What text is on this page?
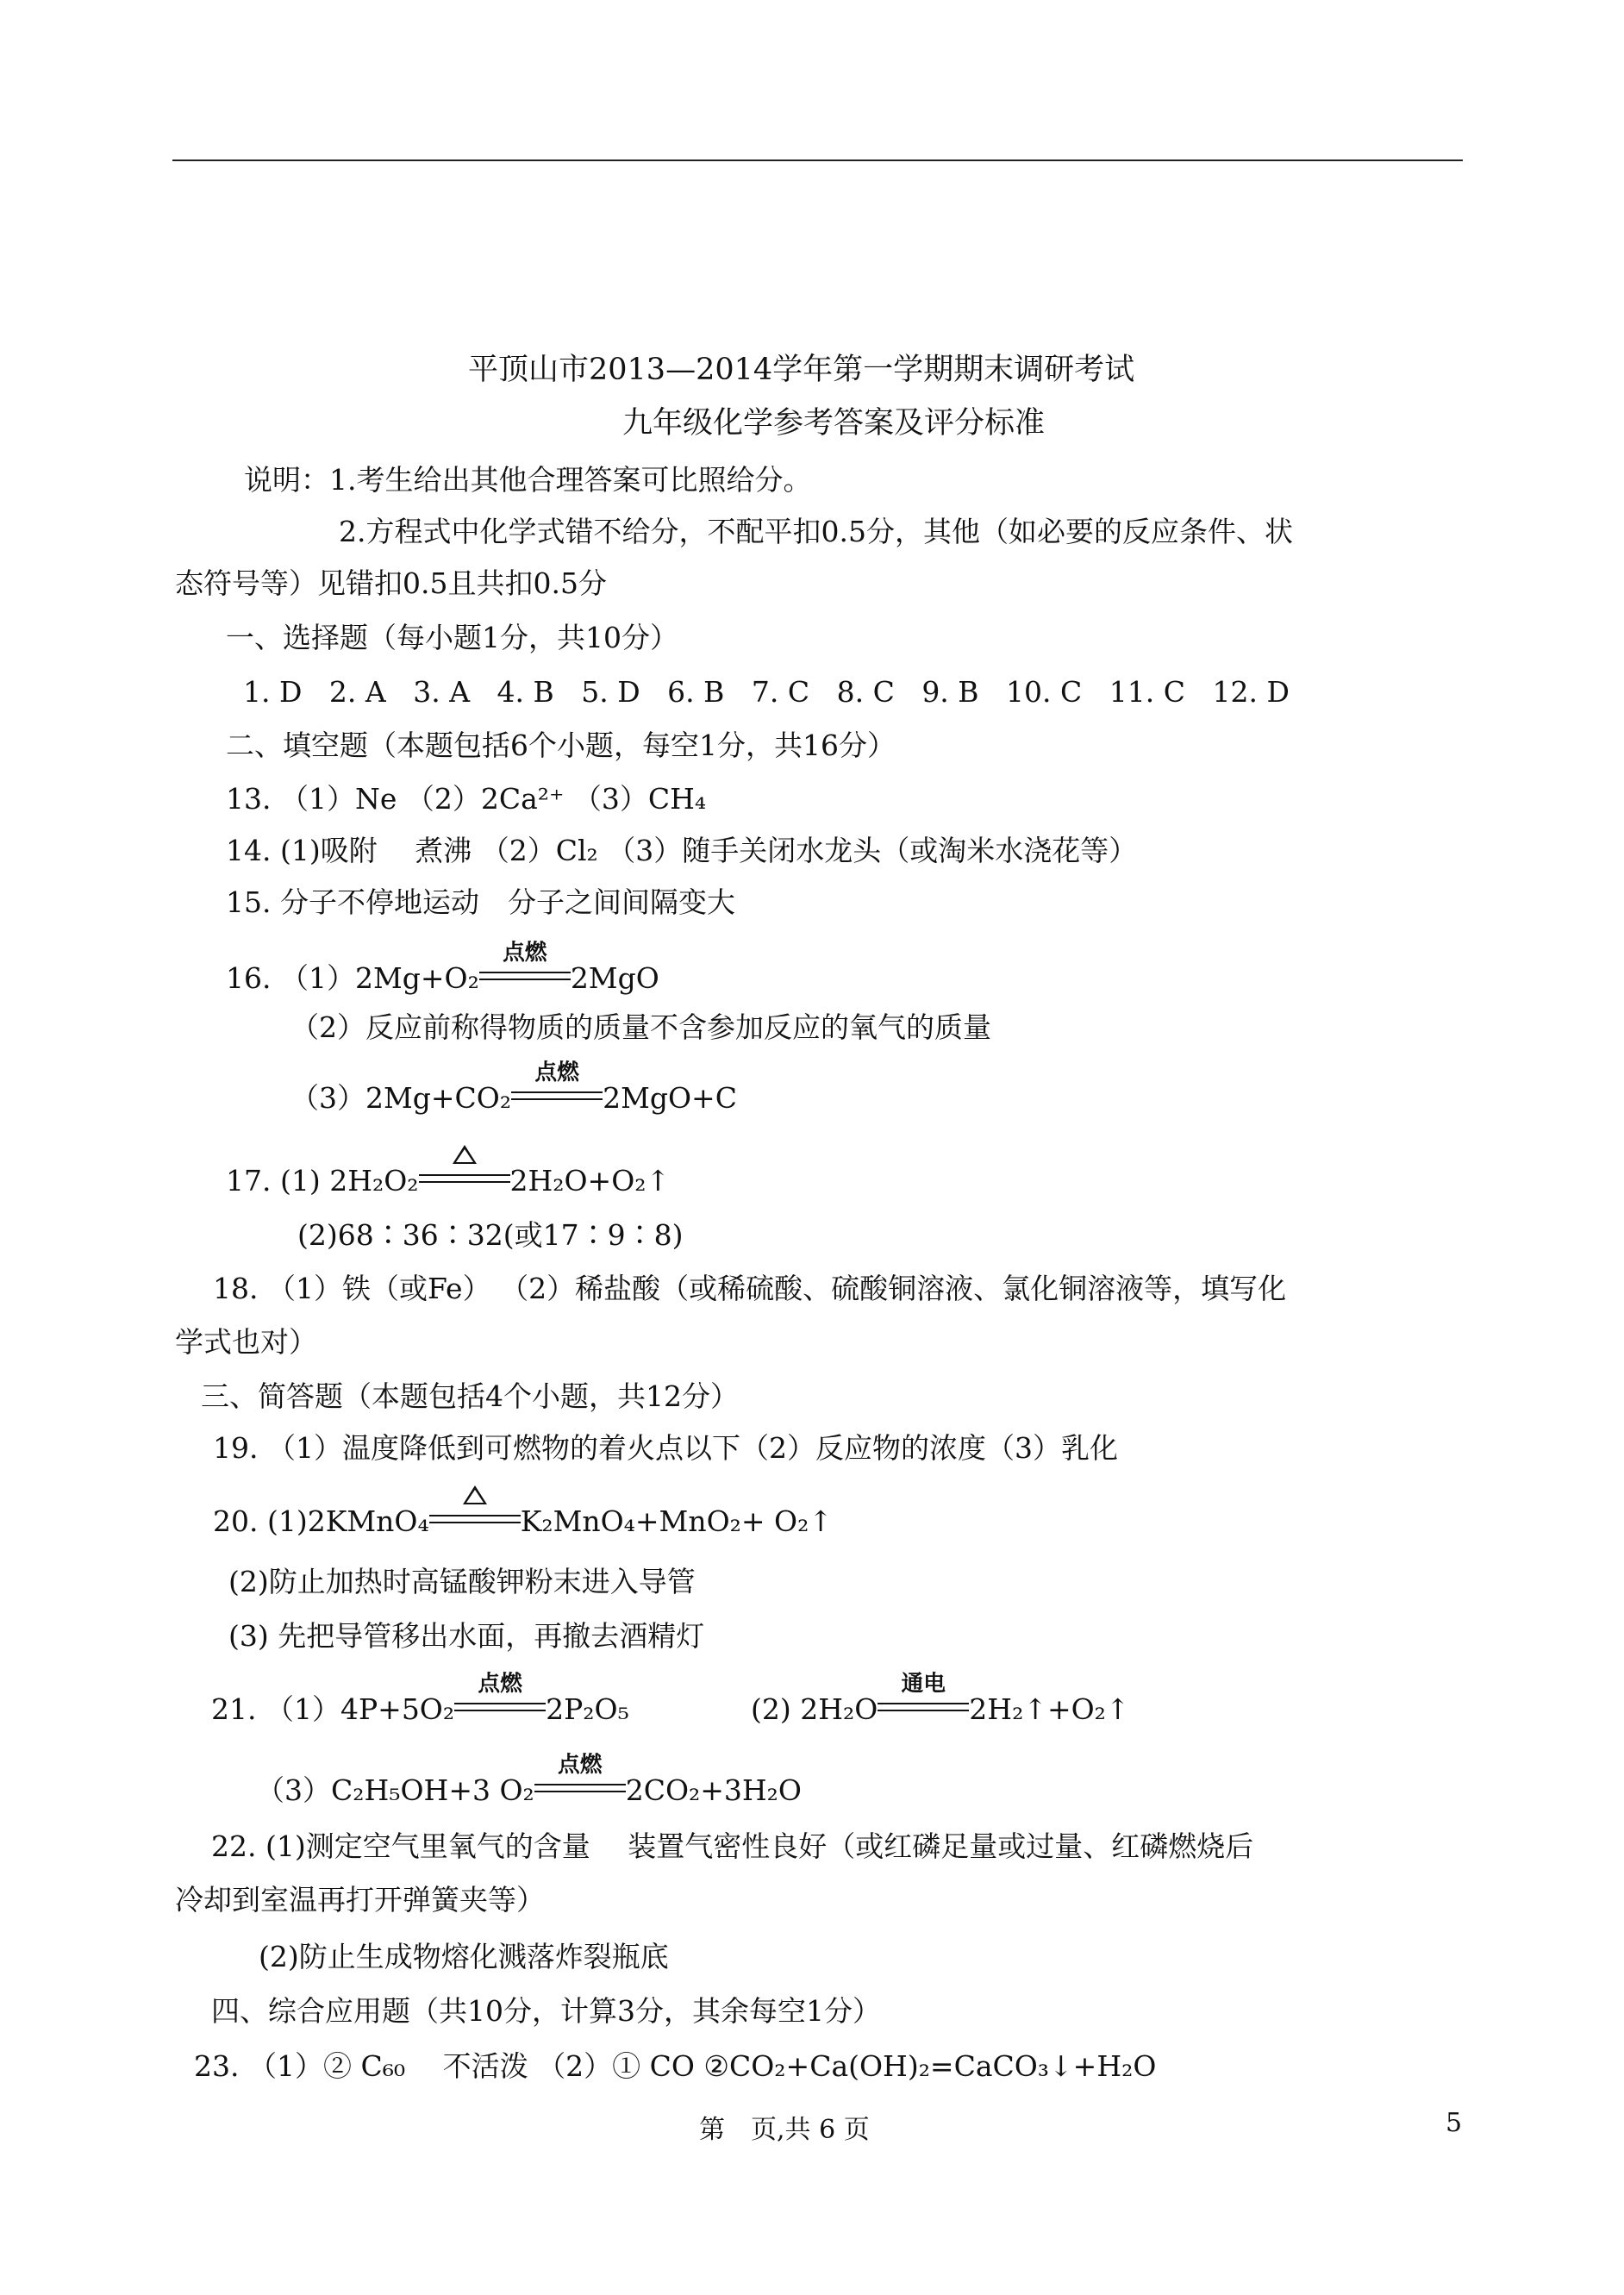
平顶山市2013—2014学年第一学期期末调研考试
九年级化学参考答案及评分标准
说明：1.考生给出其他合理答案可比照给分。
2.方程式中化学式错不给分，不配平扣0.5分，其他（如必要的反应条件、状
态符号等）见错扣0.5且共扣0.5分
一、选择题（每小题1分，共10分）
1. D 2. A 3. A 4. B 5. D 6. B 7. C 8. C 9. B 10. C 11. C 12. D
二、填空题（本题包括6个小题，每空1分，共16分）
13. （1）Ne （2）2Ca²⁺ （3）CH₄
14. (1)吸附 　煮沸 （2）Cl₂ （3）随手关闭水龙头（或淘米水浇花等）
15. 分子不停地运动　分子之间间隔变大
16. （1）2Mg+O₂
点燃
2MgO
（2）反应前称得物质的质量不含参加反应的氧气的质量
（3）2Mg+CO₂
点燃
2MgO+C
17. (1) 2H₂O₂	2H₂O+O₂↑
(2)68∶36∶32(或17∶9∶8)
18. （1）铁（或Fe） （2）稀盐酸（或稀硫酸、硫酸铜溶液、氯化铜溶液等，填写化
学式也对）
三、简答题（本题包括4个小题，共12分）
19. （1）温度降低到可燃物的着火点以下（2）反应物的浓度（3）乳化
20. (1)2KMnO₄	K₂MnO₄+MnO₂+ O₂↑
(2)防止加热时高锰酸钾粉末进入导管
(3) 先把导管移出水面，再撤去酒精灯
21. （1）4P+5O₂
点燃
2P₂O₅	(2) 2H₂O
通电
2H₂↑+O₂↑
（3）C₂H₅OH+3 O₂
点燃
2CO₂+3H₂O
22. (1)测定空气里氧气的含量 　装置气密性良好（或红磷足量或过量、红磷燃烧后
冷却到室温再打开弹簧夹等）
(2)防止生成物熔化溅落炸裂瓶底
四、综合应用题（共10分，计算3分，其余每空1分）
23. （1）② C₆₀ 　不活泼 （2）① CO ②CO₂+Ca(OH)₂=CaCO₃↓+H₂O
第　页,共 6 页	5
